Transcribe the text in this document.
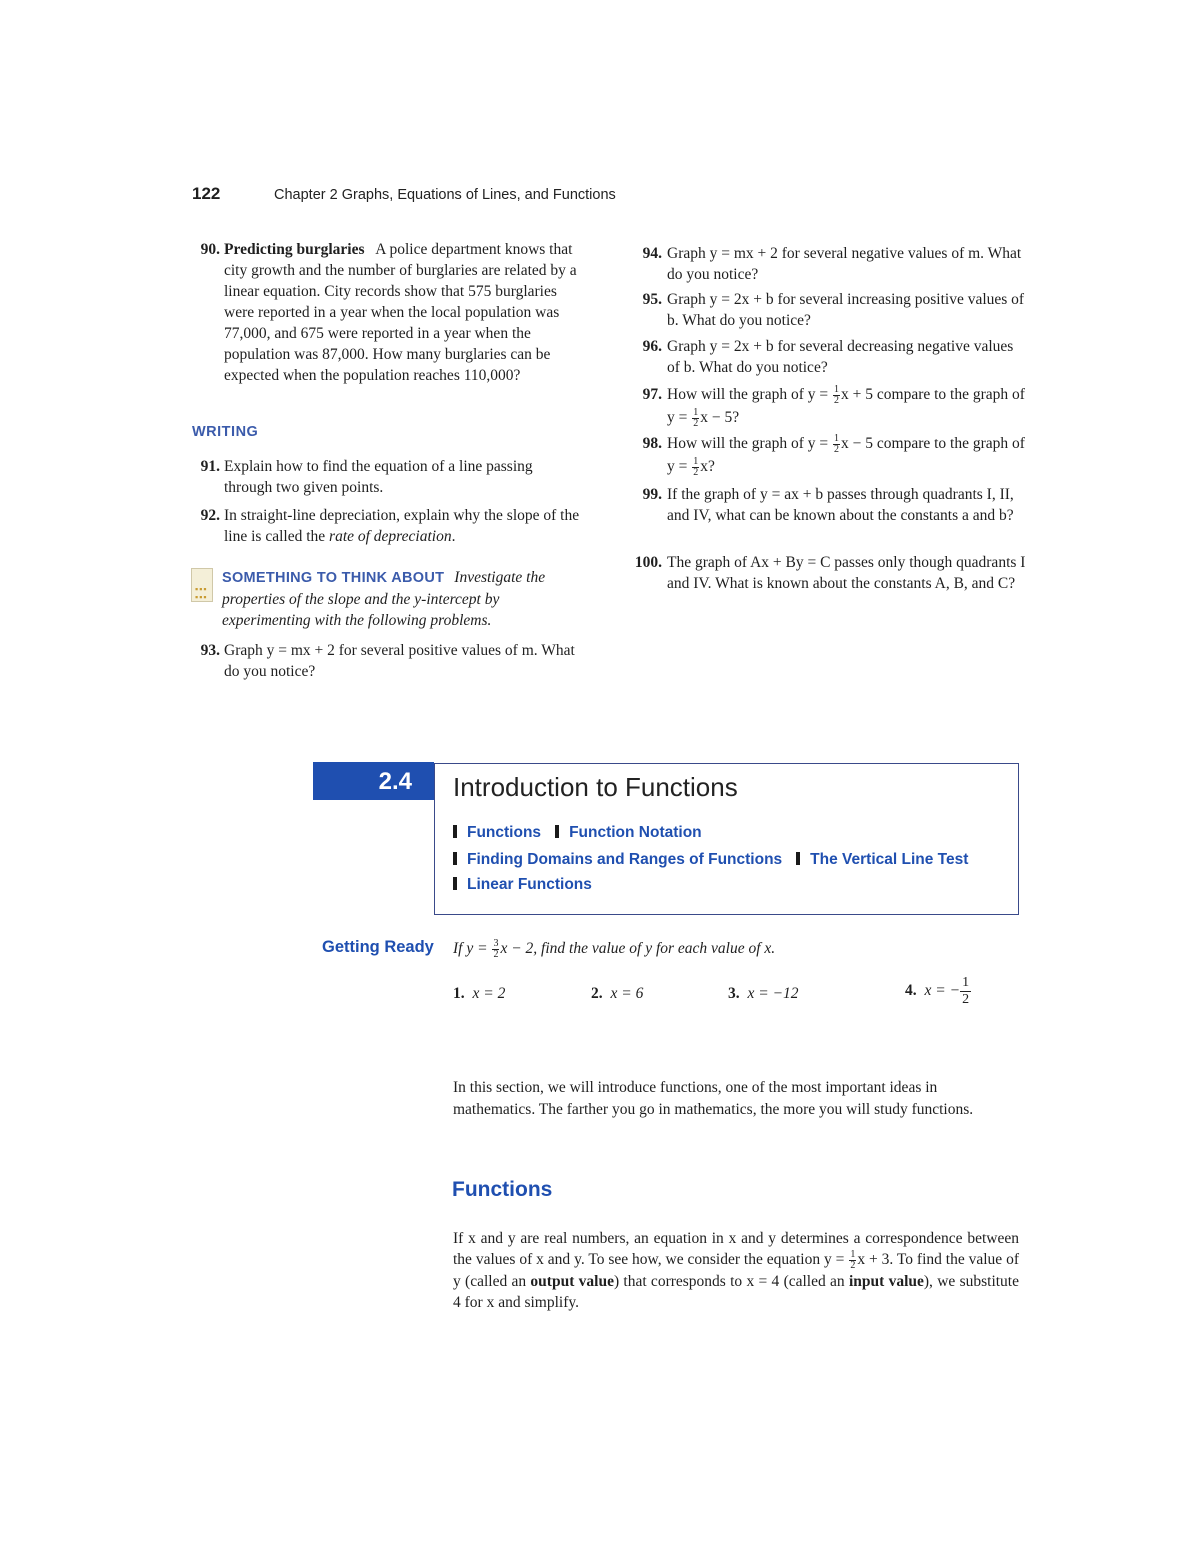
122	Chapter 2 Graphs, Equations of Lines, and Functions
90. Predicting burglaries A police department knows that city growth and the number of burglaries are related by a linear equation. City records show that 575 burglaries were reported in a year when the local population was 77,000, and 675 were reported in a year when the population was 87,000. How many burglaries can be expected when the population reaches 110,000?
WRITING
91. Explain how to find the equation of a line passing through two given points.
92. In straight-line depreciation, explain why the slope of the line is called the rate of depreciation.
▪▪▪
▪▪▪
SOMETHING TO THINK ABOUT Investigate the properties of the slope and the y-intercept by experimenting with the following problems.
93. Graph y = mx + 2 for several positive values of m. What do you notice?
94. Graph y = mx + 2 for several negative values of m. What do you notice?
95. Graph y = 2x + b for several increasing positive values of b. What do you notice?
96. Graph y = 2x + b for several decreasing negative values of b. What do you notice?
97. How will the graph of $y = \frac{1}{2}$ x + 5 compare to the graph of $y = \frac{1}{2}$ x − 5?
98. How will the graph of $y = \frac{1}{2}$ x − 5 compare to the graph of $y = \frac{1}{2} x$?
99. If the graph of y = ax + b passes through quadrants I, II, and IV, what can be known about the constants a and b?
100. The graph of Ax + By = C passes only though quadrants I and IV. What is known about the constants A, B, and C?
2.4 Introduction to Functions
Functions Function Notation
Finding Domains and Ranges of Functions The Vertical Line Test
Linear Functions
Getting Ready If $y = \frac{3}{2}$ x − 2, find the value of y for each value of x.
1. x = 2	2. x = 6	3. x = −12	4. x = − $\frac{1}{2}$
In this section, we will introduce functions, one of the most important ideas in mathematics. The farther you go in mathematics, the more you will study functions.
Functions
If x and y are real numbers, an equation in x and y determines a correspondence between the values of x and y. To see how, we consider the equation $y = \frac{1}{2}$ x + 3. To find the value of y (called an output value) that corresponds to x = 4 (called an input value), we substitute 4 for x and simplify.
